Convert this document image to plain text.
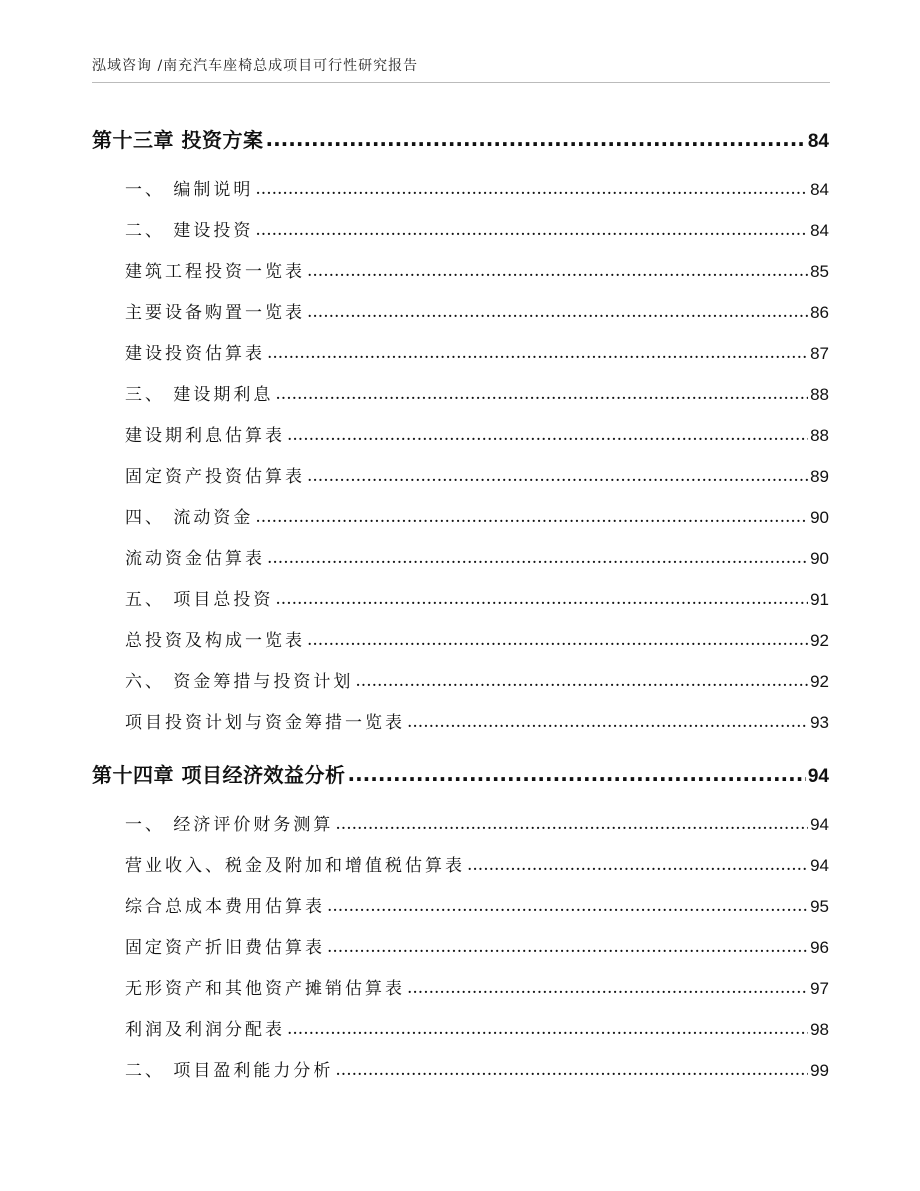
泓域咨询 /南充汽车座椅总成项目可行性研究报告
第十三章 投资方案 .....	84
一、 编制说明 .....	84
二、 建设投资 .....	84
建筑工程投资一览表 .....	85
主要设备购置一览表 .....	86
建设投资估算表 .....	87
三、 建设期利息 .....	88
建设期利息估算表 .....	88
固定资产投资估算表 .....	89
四、 流动资金 .....	90
流动资金估算表 .....	90
五、 项目总投资 .....	91
总投资及构成一览表 .....	92
六、 资金筹措与投资计划 .....	92
项目投资计划与资金筹措一览表 .....	93
第十四章 项目经济效益分析 .....	94
一、 经济评价财务测算 .....	94
营业收入、税金及附加和增值税估算表 .....	94
综合总成本费用估算表 .....	95
固定资产折旧费估算表 .....	96
无形资产和其他资产摊销估算表 .....	97
利润及利润分配表 .....	98
二、 项目盈利能力分析 .....	99
